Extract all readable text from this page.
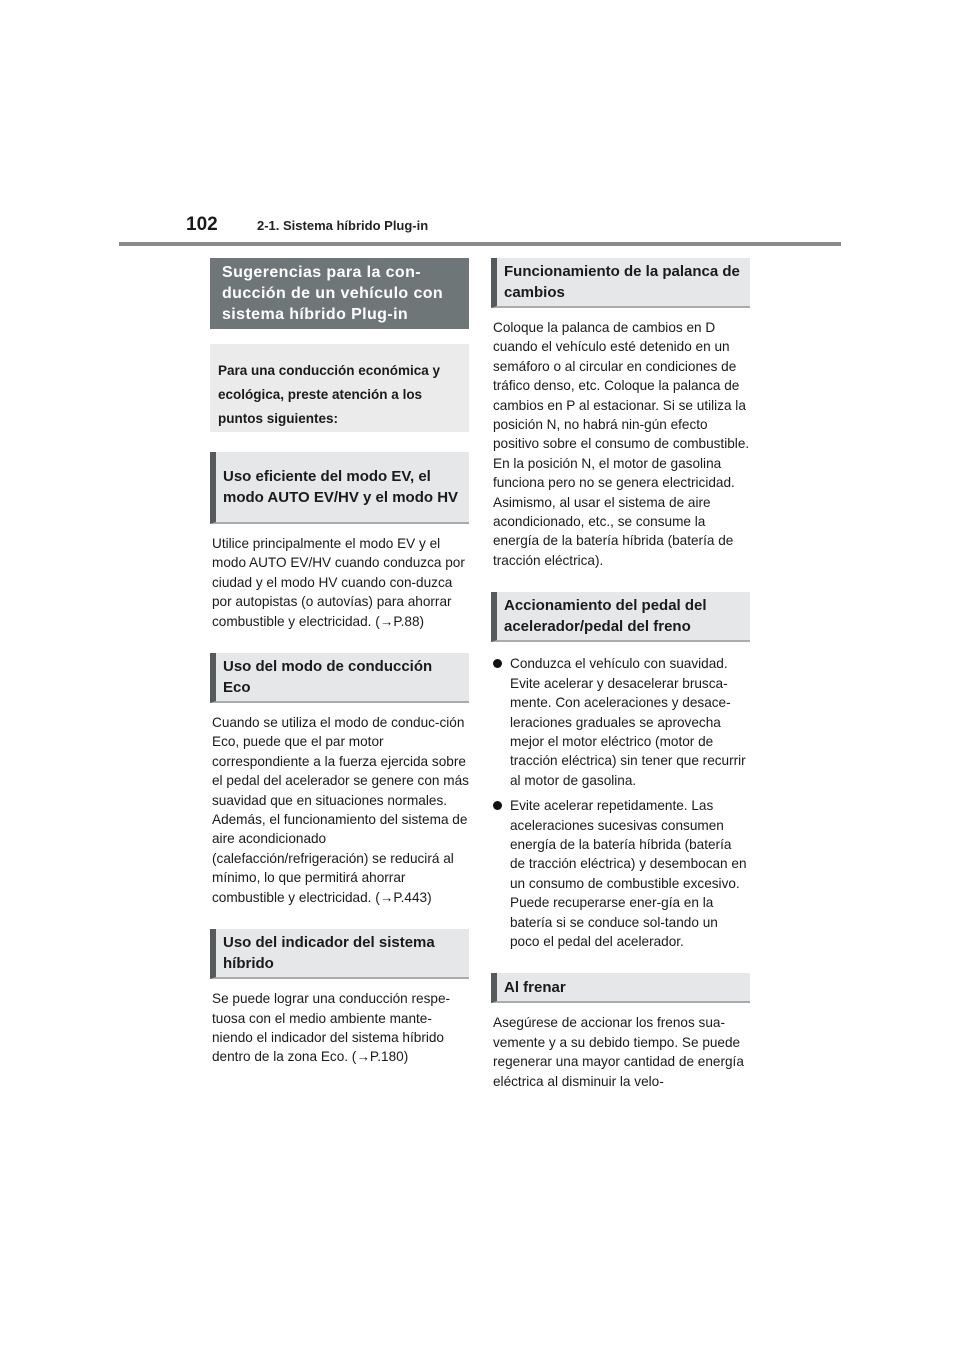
102	2-1. Sistema híbrido Plug-in
Sugerencias para la con-ducción de un vehículo con sistema híbrido Plug-in
Para una conducción económica y ecológica, preste atención a los puntos siguientes:
Uso eficiente del modo EV, el modo AUTO EV/HV y el modo HV

Utilice principalmente el modo EV y el modo AUTO EV/HV cuando conduzca por ciudad y el modo HV cuando con-duzca por autopistas (o autovías) para ahorrar combustible y electricidad. (→P.88)

Uso del modo de conducción Eco

Cuando se utiliza el modo de conduc-ción Eco, puede que el par motor correspondiente a la fuerza ejercida sobre el pedal del acelerador se genere con más suavidad que en situaciones normales. Además, el funcionamiento del sistema de aire acondicionado (calefacción/refrigeración) se reducirá al mínimo, lo que permitirá ahorrar combustible y electricidad. (→P.443)

Uso del indicador del sistema híbrido

Se puede lograr una conducción respe-tuosa con el medio ambiente mante-niendo el indicador del sistema híbrido dentro de la zona Eco. (→P.180)

Funcionamiento de la palanca de cambios

Coloque la palanca de cambios en D cuando el vehículo esté detenido en un semáforo o al circular en condiciones de tráfico denso, etc. Coloque la palanca de cambios en P al estacionar. Si se utiliza la posición N, no habrá nin-gún efecto positivo sobre el consumo de combustible. En la posición N, el motor de gasolina funciona pero no se genera electricidad. Asimismo, al usar el sistema de aire acondicionado, etc., se consume la energía de la batería híbrida (batería de tracción eléctrica).

Accionamiento del pedal del acelerador/pedal del freno
Conduzca el vehículo con suavidad. Evite acelerar y desacelerar brusca-mente. Con aceleraciones y desace-leraciones graduales se aprovecha mejor el motor eléctrico (motor de tracción eléctrica) sin tener que recurrir al motor de gasolina.
Evite acelerar repetidamente. Las aceleraciones sucesivas consumen energía de la batería híbrida (batería de tracción eléctrica) y desembocan en un consumo de combustible excesivo. Puede recuperarse ener-gía en la batería si se conduce sol-tando un poco el pedal del acelerador.
Al frenar

Asegúrese de accionar los frenos sua-vemente y a su debido tiempo. Se puede regenerar una mayor cantidad de energía eléctrica al disminuir la velo-
